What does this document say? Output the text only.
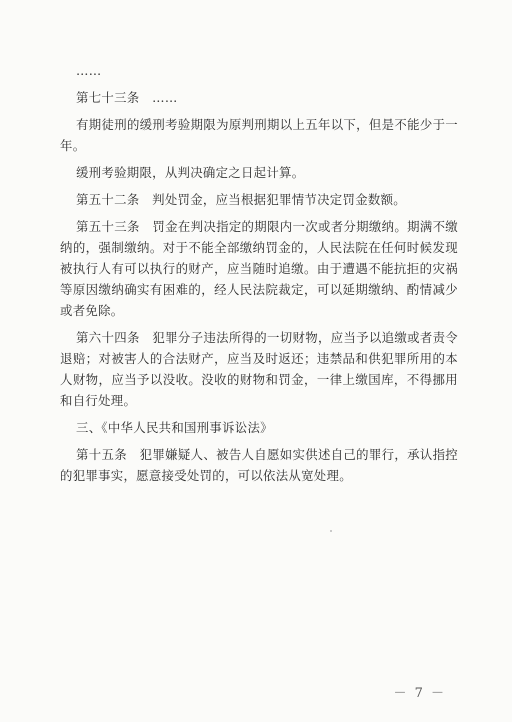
……

第七十三条　……

有期徒刑的缓刑考验期限为原判刑期以上五年以下，但是不能少于一年。

缓刑考验期限，从判决确定之日起计算。

第五十二条　判处罚金，应当根据犯罪情节决定罚金数额。

第五十三条　罚金在判决指定的期限内一次或者分期缴纳。期满不缴纳的，强制缴纳。对于不能全部缴纳罚金的，人民法院在任何时候发现被执行人有可以执行的财产，应当随时追缴。由于遭遇不能抗拒的灾祸等原因缴纳确实有困难的，经人民法院裁定，可以延期缴纳、酌情减少或者免除。

第六十四条　犯罪分子违法所得的一切财物，应当予以追缴或者责令退赔；对被害人的合法财产，应当及时返还；违禁品和供犯罪所用的本人财物，应当予以没收。没收的财物和罚金，一律上缴国库，不得挪用和自行处理。

三、《中华人民共和国刑事诉讼法》

第十五条　犯罪嫌疑人、被告人自愿如实供述自己的罪行，承认指控的犯罪事实，愿意接受处罚的，可以依法从宽处理。

－ 7 －
